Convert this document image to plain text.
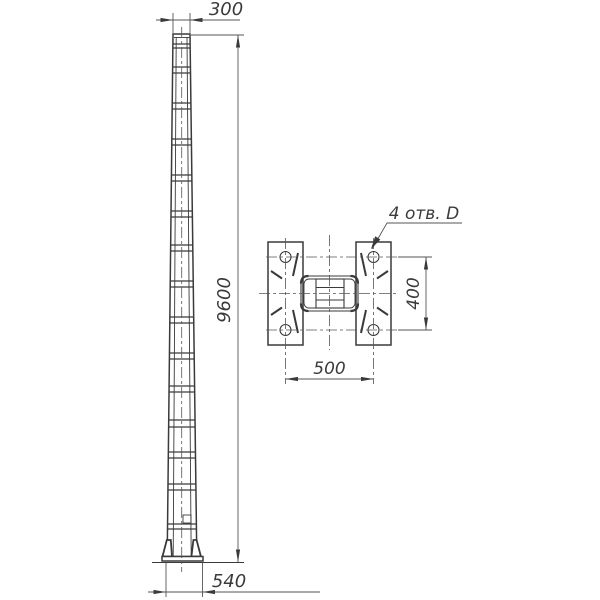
300
9600
540
4 отв. D
500
400
